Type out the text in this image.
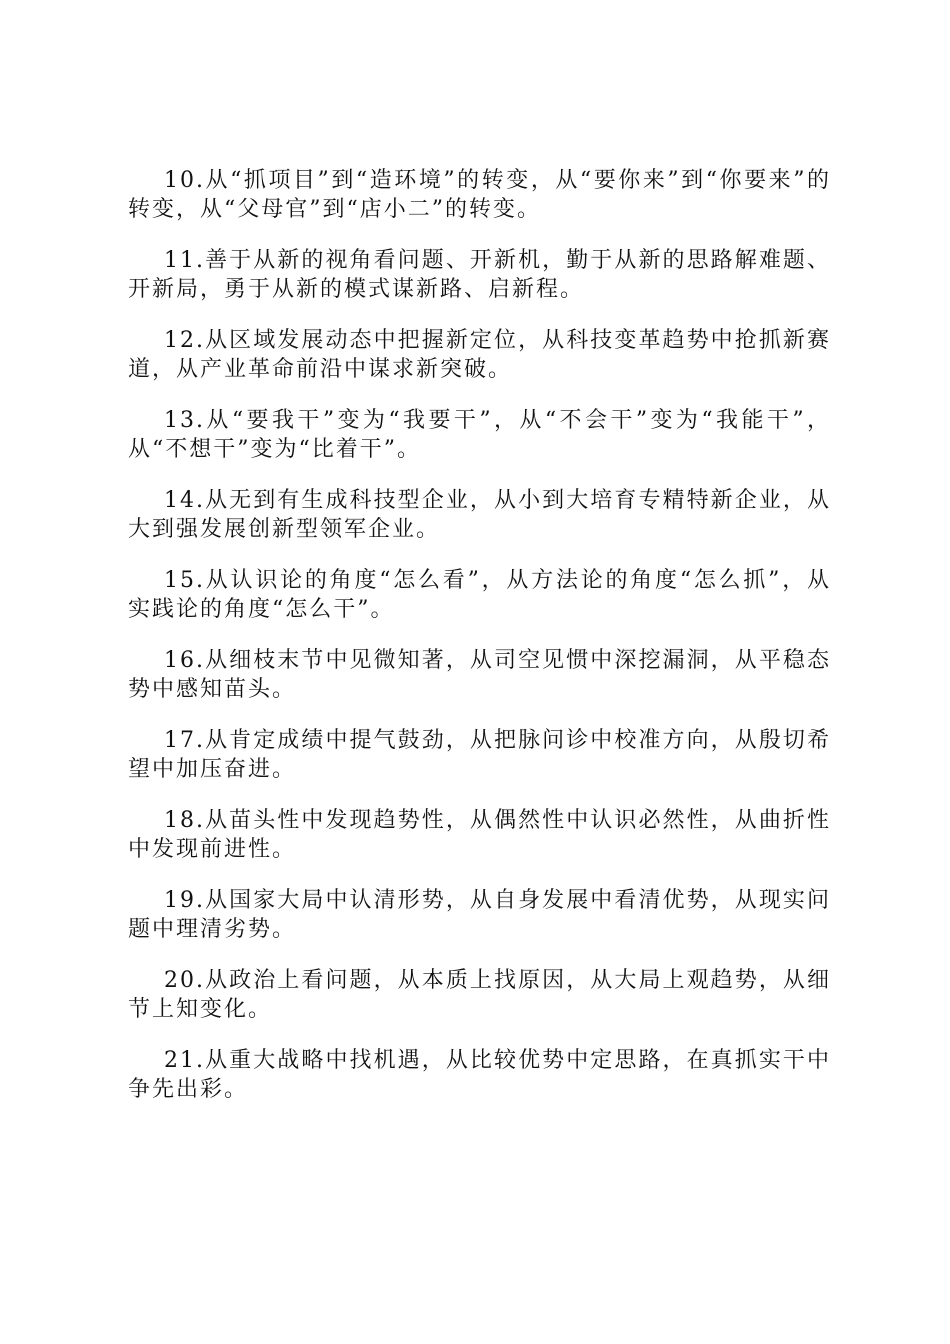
10.从“抓项目”到“造环境”的转变，从“要你来”到“你要来”的转变，从“父母官”到“店小二”的转变。

11.善于从新的视角看问题、开新机，勤于从新的思路解难题、开新局，勇于从新的模式谋新路、启新程。

12.从区域发展动态中把握新定位，从科技变革趋势中抢抓新赛道，从产业革命前沿中谋求新突破。

13.从“要我干”变为“我要干”，从“不会干”变为“我能干”，从“不想干”变为“比着干”。

14.从无到有生成科技型企业，从小到大培育专精特新企业，从大到强发展创新型领军企业。

15.从认识论的角度“怎么看”，从方法论的角度“怎么抓”，从实践论的角度“怎么干”。

16.从细枝末节中见微知著，从司空见惯中深挖漏洞，从平稳态势中感知苗头。

17.从肯定成绩中提气鼓劲，从把脉问诊中校准方向，从殷切希望中加压奋进。

18.从苗头性中发现趋势性，从偶然性中认识必然性，从曲折性中发现前进性。

19.从国家大局中认清形势，从自身发展中看清优势，从现实问题中理清劣势。

20.从政治上看问题，从本质上找原因，从大局上观趋势，从细节上知变化。

21.从重大战略中找机遇，从比较优势中定思路，在真抓实干中争先出彩。
